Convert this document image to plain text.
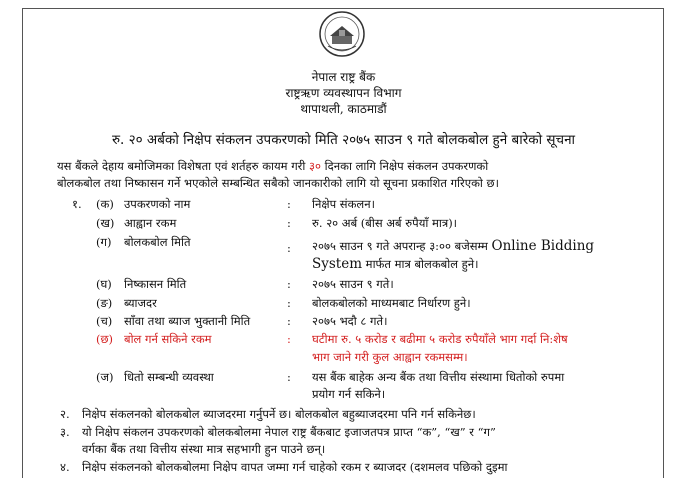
नेपाल राष्ट्र बैंक
राष्ट्रऋण व्यवस्थापन विभाग
थापाथली, काठमाडौं
रु. २० अर्बको निक्षेप संकलन उपकरणको मिति २०७५ साउन ९ गते बोलकबोल हुने बारेको सूचना
यस बैंकले देहाय बमोजिमका विशेषता एवं शर्तहरु कायम गरी ३० दिनका लागि निक्षेप संकलन उपकरणको
बोलकबोल तथा निष्कासन गर्ने भएकोले सम्बन्धित सबैको जानकारीको लागि यो सूचना प्रकाशित गरिएको छ।
१. (क) उपकरणको नाम	: निक्षेप संकलन।
(ख) आह्वान रकम	: रु. २० अर्ब (बीस अर्ब रुपैयाँ मात्र)।
(ग) बोलकबोल मिति	: २०७५ साउन ९ गते अपरान्ह ३:०० बजेसम्म Online Bidding
System मार्फत मात्र बोलकबोल हुने।
(घ) निष्कासन मिति	: २०७५ साउन ९ गते।
(ङ) ब्याजदर	: बोलकबोलको माध्यमबाट निर्धारण हुने।
(च) साँवा तथा ब्याज भुक्तानी मिति	: २०७५ भदौ ८ गते।
(छ) बोल गर्न सकिने रकम	: घटीमा रु. ५ करोड र बढीमा ५ करोड रुपैयाँले भाग गर्दा नि:शेष
भाग जाने गरी कुल आह्वान रकमसम्म।
(ज) धितो सम्बन्धी व्यवस्था	: यस बैंक बाहेक अन्य बैंक तथा वित्तीय संस्थामा धितोको रुपमा
प्रयोग गर्न सकिने।
२. निक्षेप संकलनको बोलकबोल ब्याजदरमा गर्नुपर्ने छ। बोलकबोल बहुब्याजदरमा पनि गर्न सकिनेछ।
३. यो निक्षेप संकलन उपकरणको बोलकबोलमा नेपाल राष्ट्र बैंकबाट इजाजतपत्र प्राप्त “क”, “ख” र “ग”
वर्गका बैंक तथा वित्तीय संस्था मात्र सहभागी हुन पाउने छन्।
४. निक्षेप संकलनको बोलकबोलमा निक्षेप वापत जम्मा गर्न चाहेको रकम र ब्याजदर (दशमलव पछिको दुइमा
